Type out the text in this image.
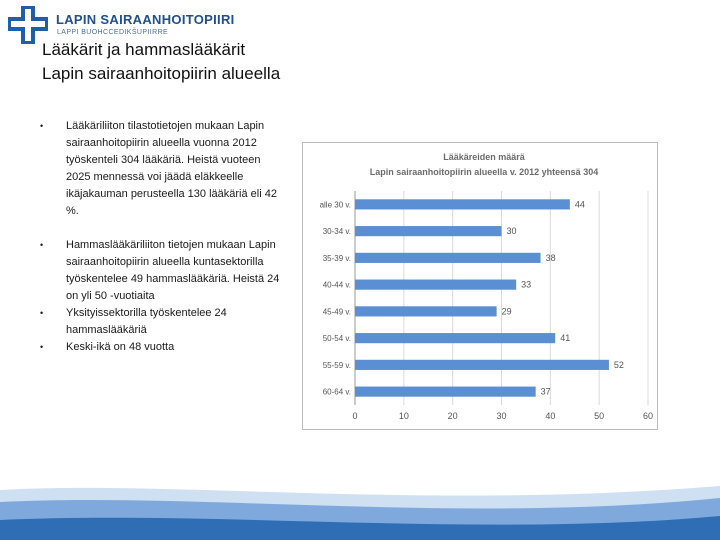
LAPIN SAIRAANHOITOPIIRI
LAPPI BUOHCCEDIKŠUPIIRRE
Lääkärit ja hammaslääkärit Lapin sairaanhoitopiirin alueella
• Lääkäriliiton tilastotietojen mukaan Lapin sairaanhoitopiirin alueella vuonna 2012 työskenteli 304 lääkäriä. Heistä vuoteen 2025 mennessä voi jäädä eläkkeelle ikäjakauman perusteella 130 lääkäriä eli 42 %.
• Hammaslääkäriliiton tietojen mukaan Lapin sairaanhoitopiirin alueella kuntasektorilla työskentelee 49 hammaslääkäriä. Heistä 24 on yli 50 -vuotiaita
• Yksityissektorilla työskentelee 24 hammaslääkäriä
• Keski-ikä on 48 vuotta
Lääkäreiden määrä
Lapin sairaanhoitopiirin alueella v. 2012 yhteensä 304
0	10	20	30	40	50	60
alle 30 v.	44
30-34 v.	30
35-39 v.	38
40-44 v.	33
45-49 v.	29
50-54 v.	41
55-59 v.	52
60-64 v.	37
